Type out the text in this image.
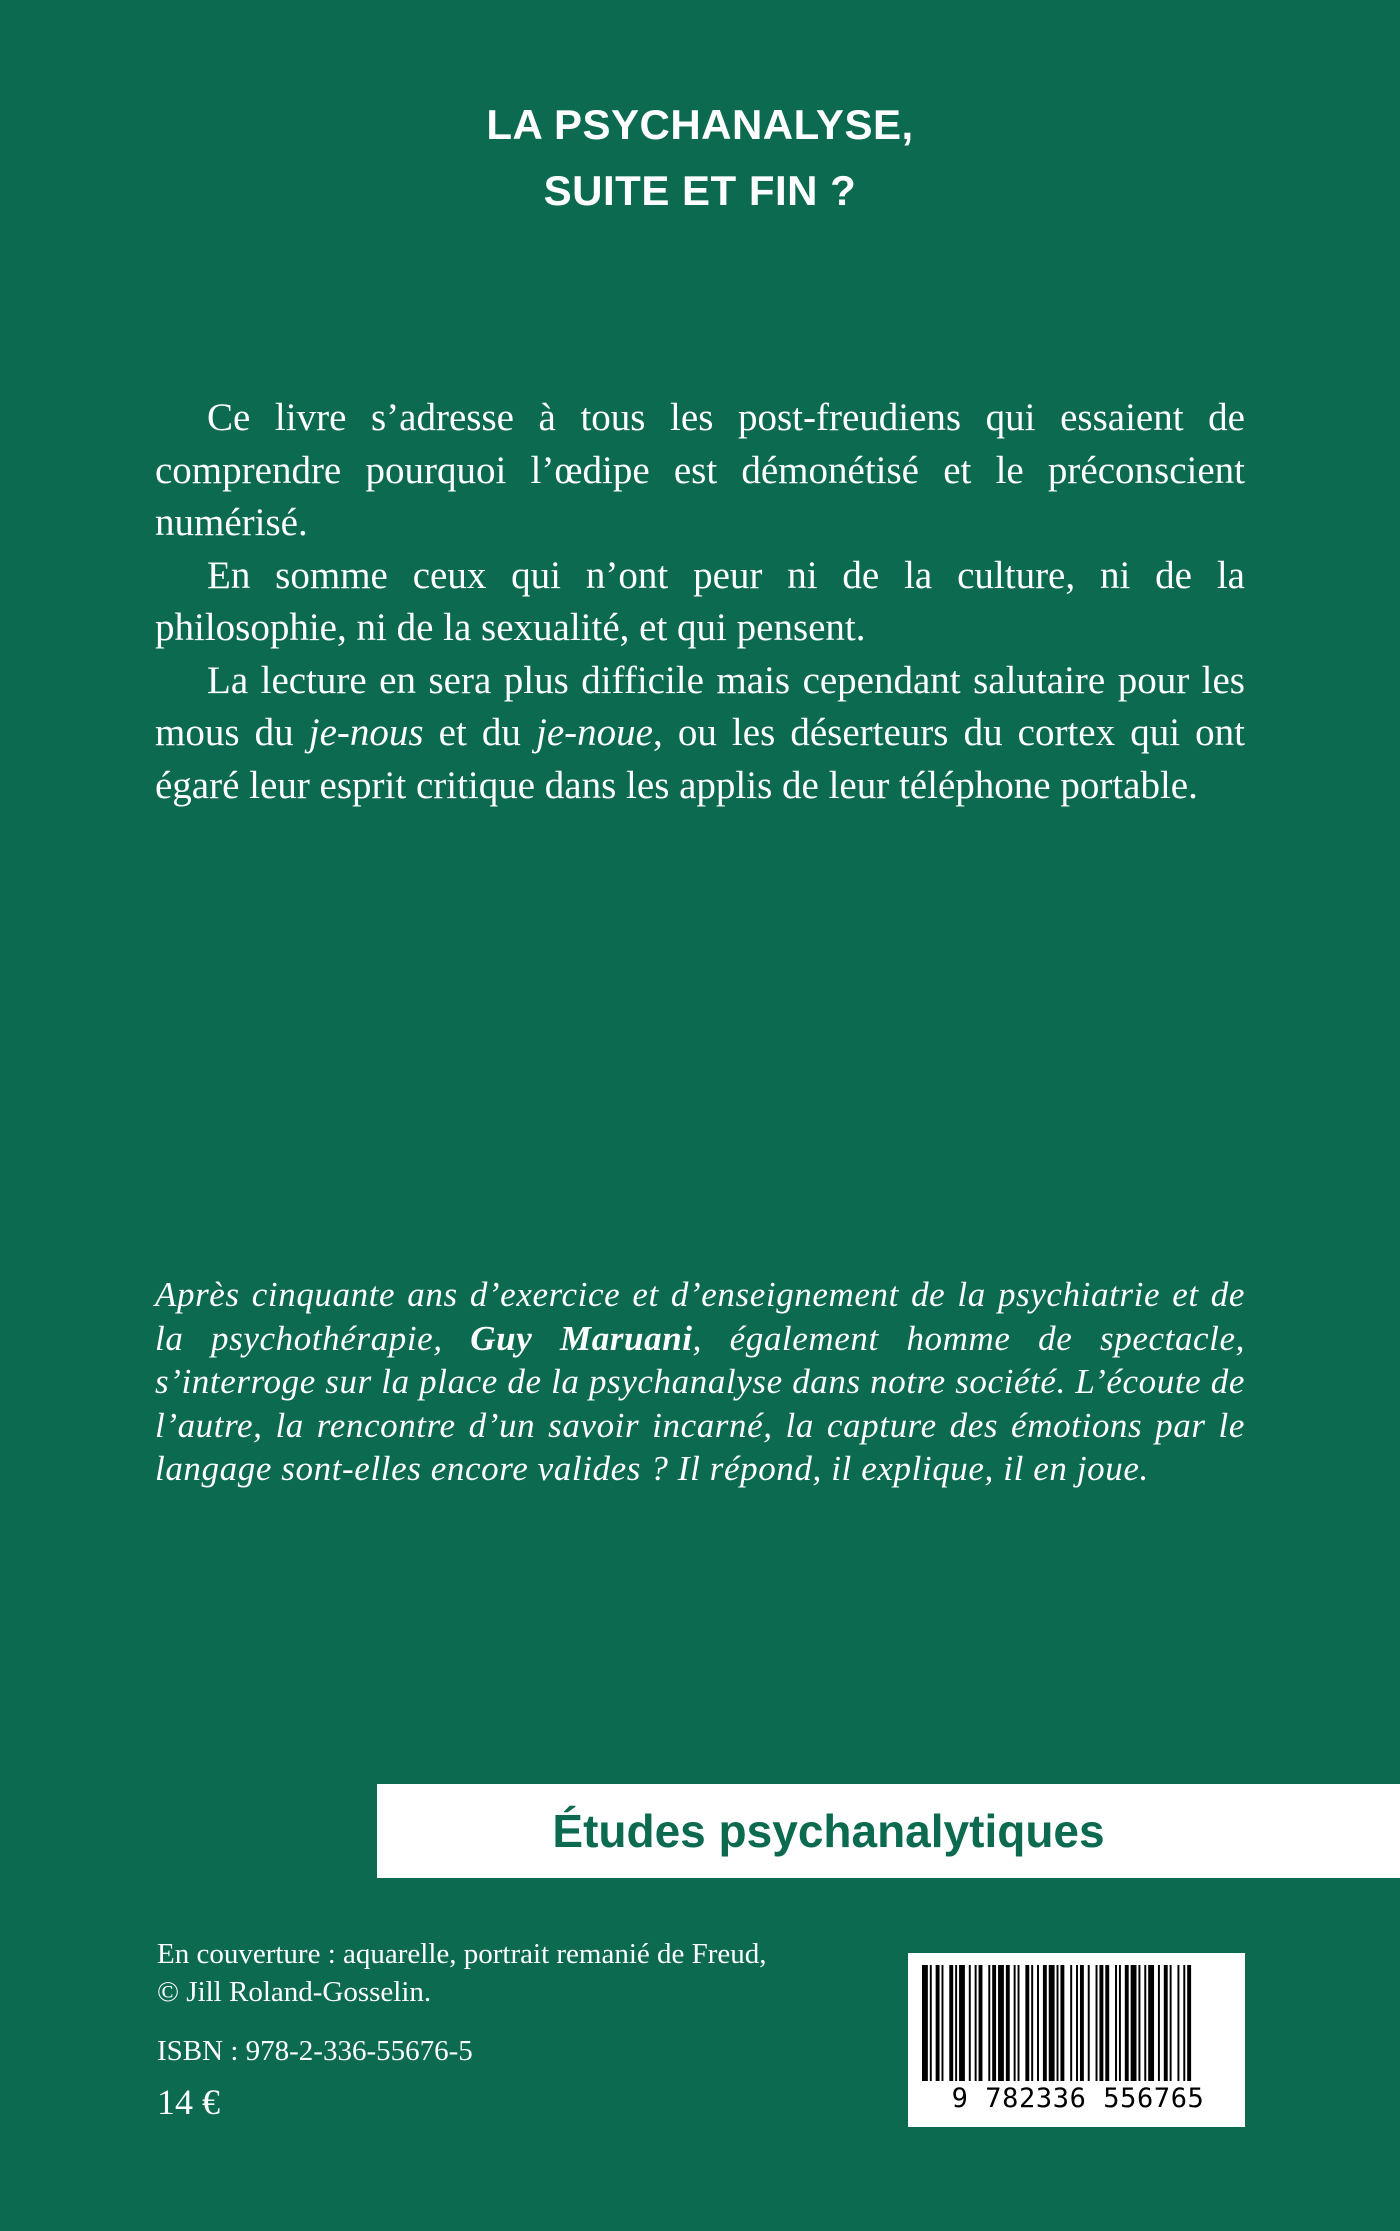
LA PSYCHANALYSE,
SUITE ET FIN ?

Ce livre s’adresse à tous les post-freudiens qui essaient de comprendre pourquoi l’œdipe est démonétisé et le préconscient numérisé.

En somme ceux qui n’ont peur ni de la culture, ni de la philosophie, ni de la sexualité, et qui pensent.

La lecture en sera plus difficile mais cependant salutaire pour les mous du je-nous et du je-noue, ou les déserteurs du cortex qui ont égaré leur esprit critique dans les applis de leur téléphone portable.

Après cinquante ans d’exercice et d’enseignement de la psychiatrie et de la psychothérapie, Guy Maruani, également homme de spectacle, s’interroge sur la place de la psychanalyse dans notre société. L’écoute de l’autre, la rencontre d’un savoir incarné, la capture des émotions par le langage sont-elles encore valides ? Il répond, il explique, il en joue.
Études psychanalytiques
En couverture : aquarelle, portrait remanié de Freud,
© Jill Roland-Gosselin.
ISBN : 978-2-336-55676-5
14 €	9 782336 556765
